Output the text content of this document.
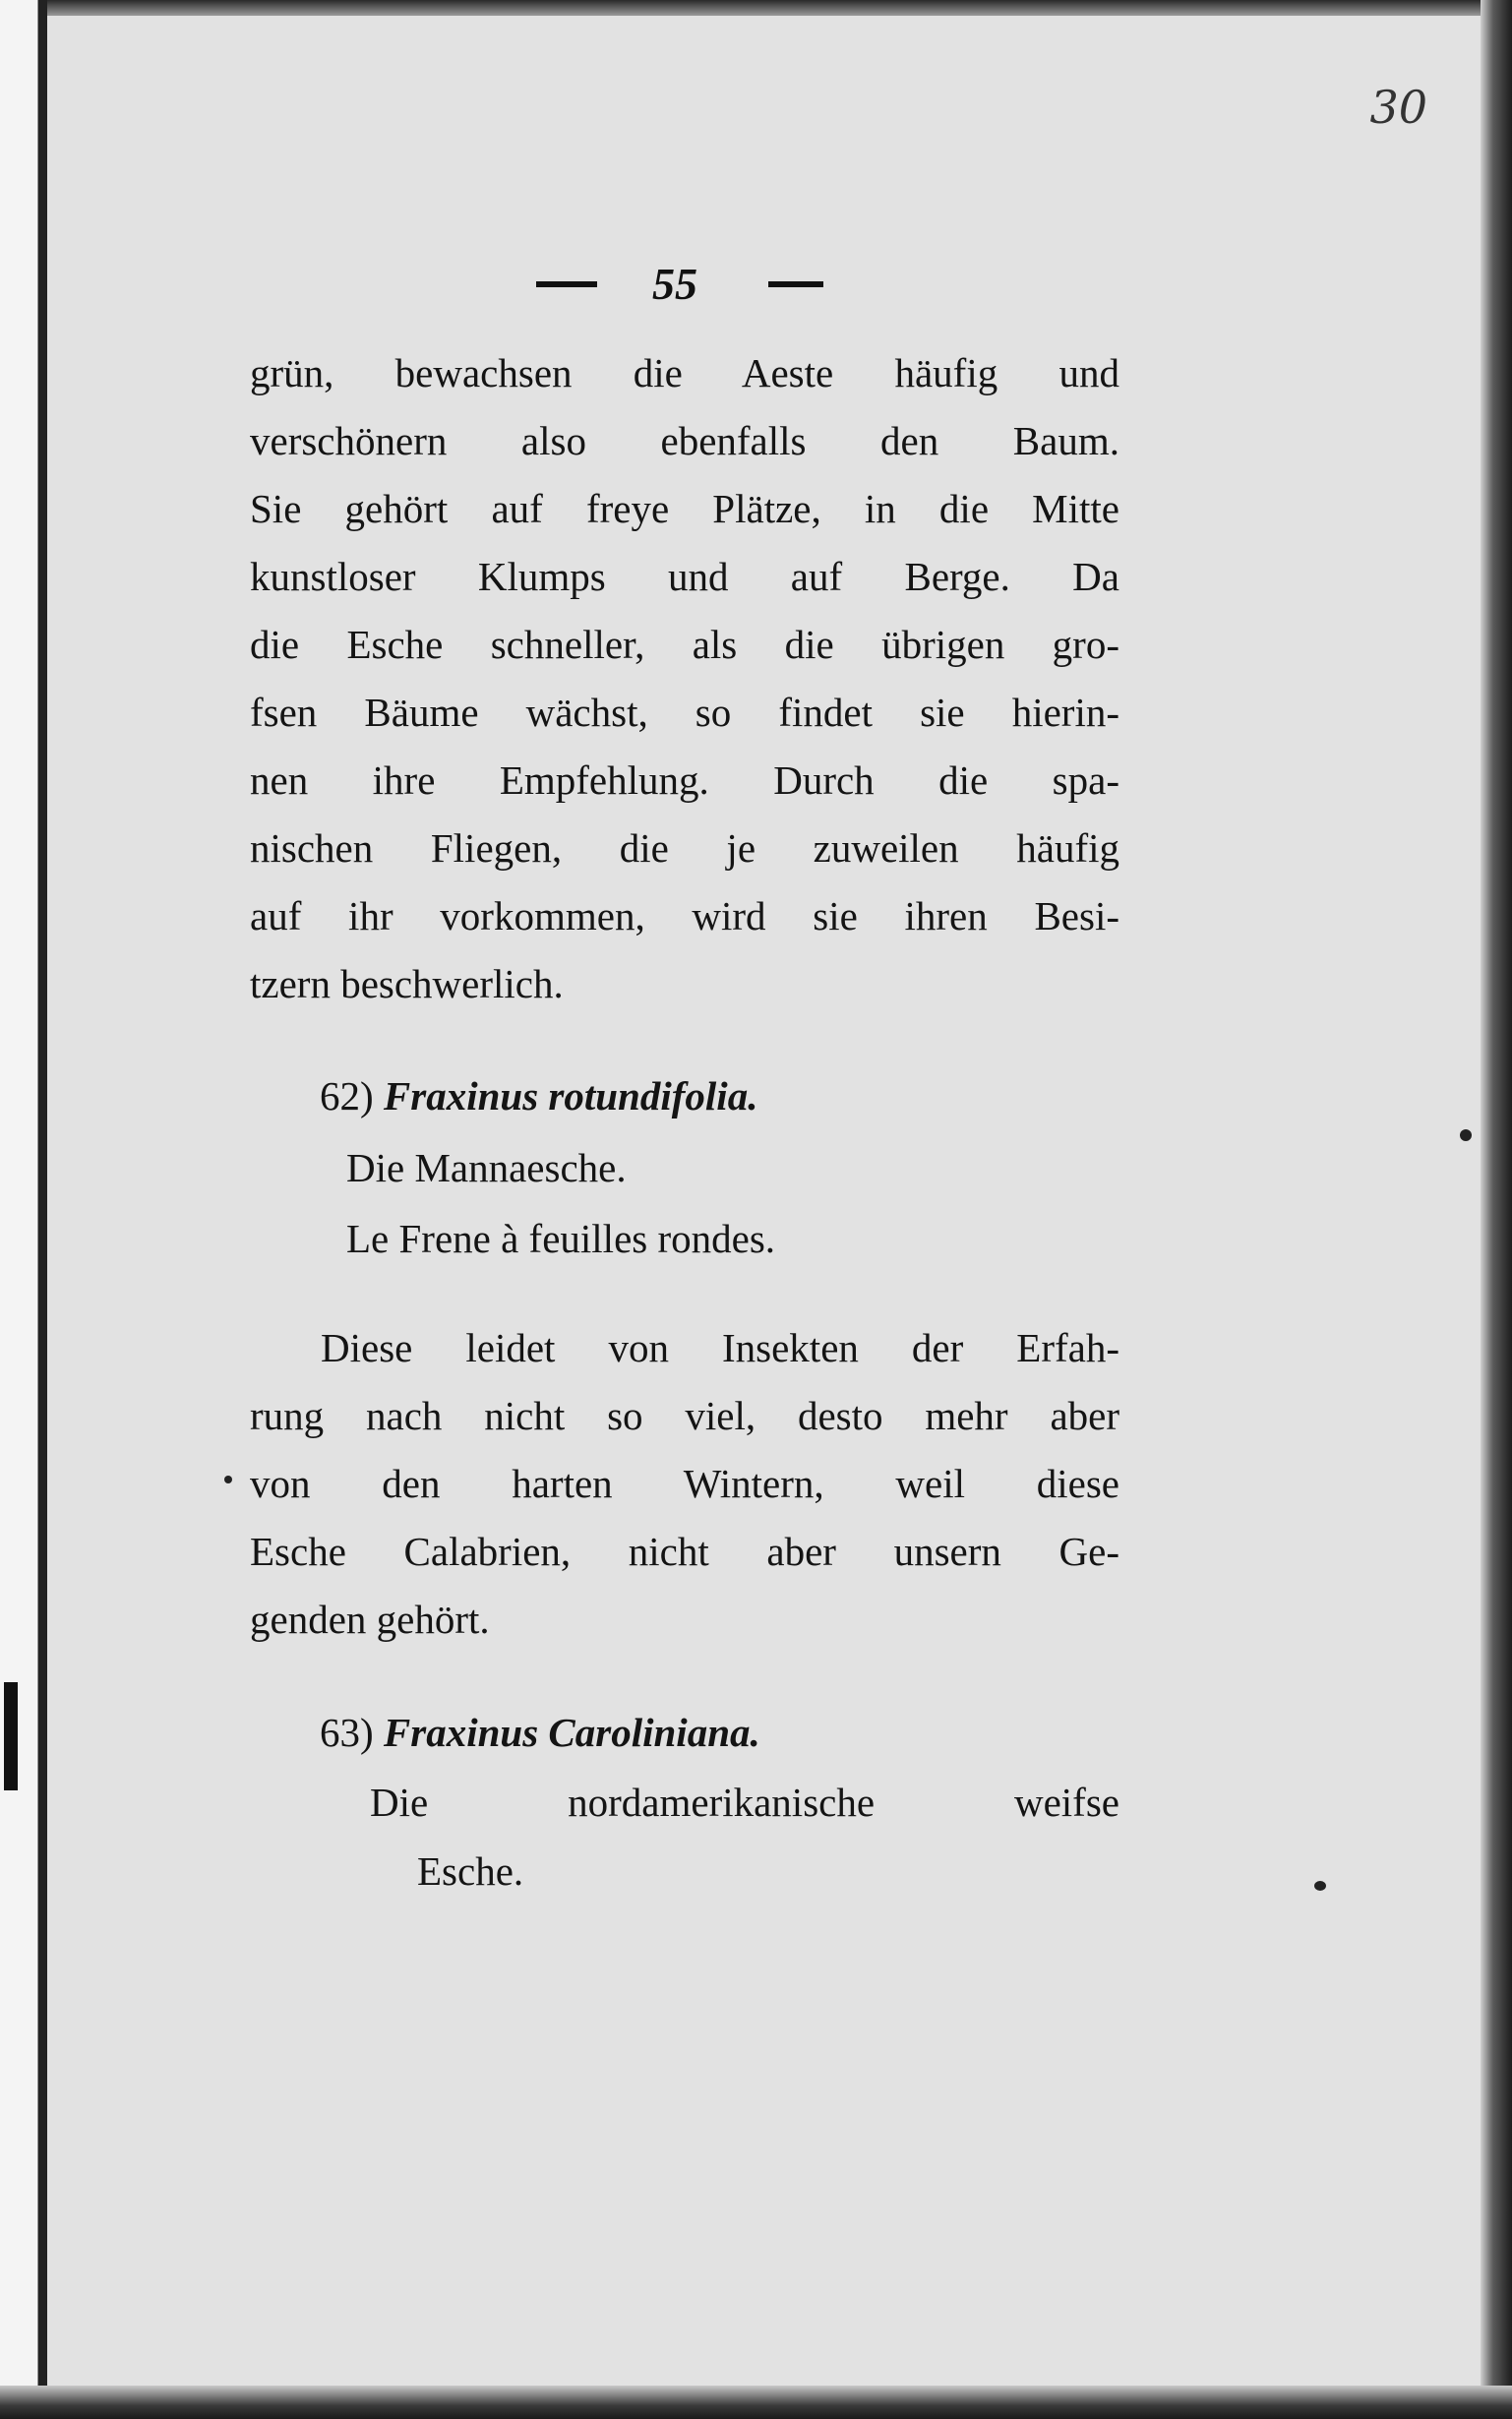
30
55
grün, bewachsen die Aeste häufig und
verschönern also ebenfalls den Baum.
Sie gehört auf freye Plätze, in die Mitte
kunstloser Klumps und auf Berge. Da
die Esche schneller, als die übrigen gro-
fsen Bäume wächst, so findet sie hierin-
nen ihre Empfehlung. Durch die spa-
nischen Fliegen, die je zuweilen häufig
auf ihr vorkommen, wird sie ihren Besi-
tzern beschwerlich.
62) Fraxinus rotundifolia.
Die Mannaesche.
Le Frene à feuilles rondes.
Diese leidet von Insekten der Erfah-
rung nach nicht so viel, desto mehr aber
von den harten Wintern, weil diese
Esche Calabrien, nicht aber unsern Ge-
genden gehört.
63) Fraxinus Caroliniana.
Die nordamerikanische weifse
Esche.
